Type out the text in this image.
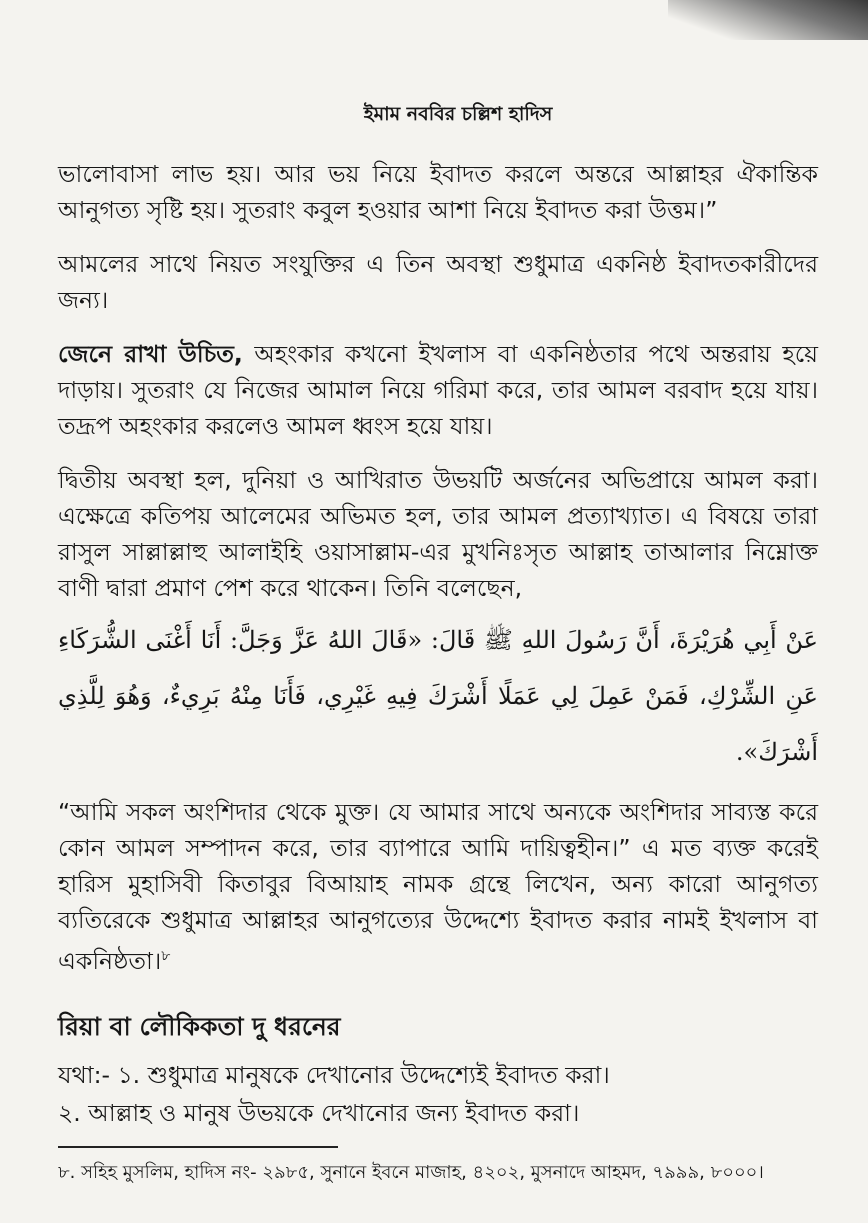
ইমাম নববির চল্লিশ হাদিস

ভালোবাসা লাভ হয়। আর ভয় নিয়ে ইবাদত করলে অন্তরে আল্লাহর ঐকান্তিক আনুগত্য সৃষ্টি হয়। সুতরাং কবুল হওয়ার আশা নিয়ে ইবাদত করা উত্তম।”

আমলের সাথে নিয়ত সংযুক্তির এ তিন অবস্থা শুধুমাত্র একনিষ্ঠ ইবাদতকারীদের জন্য।

জেনে রাখা উচিত, অহংকার কখনো ইখলাস বা একনিষ্ঠতার পথে অন্তরায় হয়ে দাড়ায়। সুতরাং যে নিজের আমাল নিয়ে গরিমা করে, তার আমল বরবাদ হয়ে যায়। তদ্রূপ অহংকার করলেও আমল ধ্বংস হয়ে যায়।

দ্বিতীয় অবস্থা হল, দুনিয়া ও আখিরাত উভয়টি অর্জনের অভিপ্রায়ে আমল করা। এক্ষেত্রে কতিপয় আলেমের অভিমত হল, তার আমল প্রত্যাখ্যাত। এ বিষয়ে তারা রাসুল সাল্লাল্লাহু আলাইহি ওয়াসাল্লাম-এর মুখনিঃসৃত আল্লাহ তাআলার নিম্নোক্ত বাণী দ্বারা প্রমাণ পেশ করে থাকেন। তিনি বলেছেন,

عَنْ أَبِي هُرَيْرَةَ، أَنَّ رَسُولَ اللهِ ﷺ قَالَ: «قَالَ اللهُ عَزَّ وَجَلَّ: أَنَا أَغْنَى الشُّرَكَاءِ عَنِ الشِّرْكِ، فَمَنْ عَمِلَ لِي عَمَلًا أَشْرَكَ فِيهِ غَيْرِي، فَأَنَا مِنْهُ بَرِيءٌ، وَهُوَ لِلَّذِي أَشْرَكَ».

“আমি সকল অংশিদার থেকে মুক্ত। যে আমার সাথে অন্যকে অংশিদার সাব্যস্ত করে কোন আমল সম্পাদন করে, তার ব্যাপারে আমি দায়িত্বহীন।” এ মত ব্যক্ত করেই হারিস মুহাসিবী কিতাবুর বিআয়াহ নামক গ্রন্থে লিখেন, অন্য কারো আনুগত্য ব্যতিরেকে শুধুমাত্র আল্লাহর আনুগত্যের উদ্দেশ্যে ইবাদত করার নামই ইখলাস বা একনিষ্ঠতা।$^৮$

রিয়া বা লৌকিকতা দু ধরনের

যথা:- ১. শুধুমাত্র মানুষকে দেখানোর উদ্দেশ্যেই ইবাদত করা।

২. আল্লাহ ও মানুষ উভয়কে দেখানোর জন্য ইবাদত করা।

৮. সহিহ মুসলিম, হাদিস নং- ২৯৮৫, সুনানে ইবনে মাজাহ, ৪২০২, মুসনাদে আহমদ, ৭৯৯৯, ৮০০০।
